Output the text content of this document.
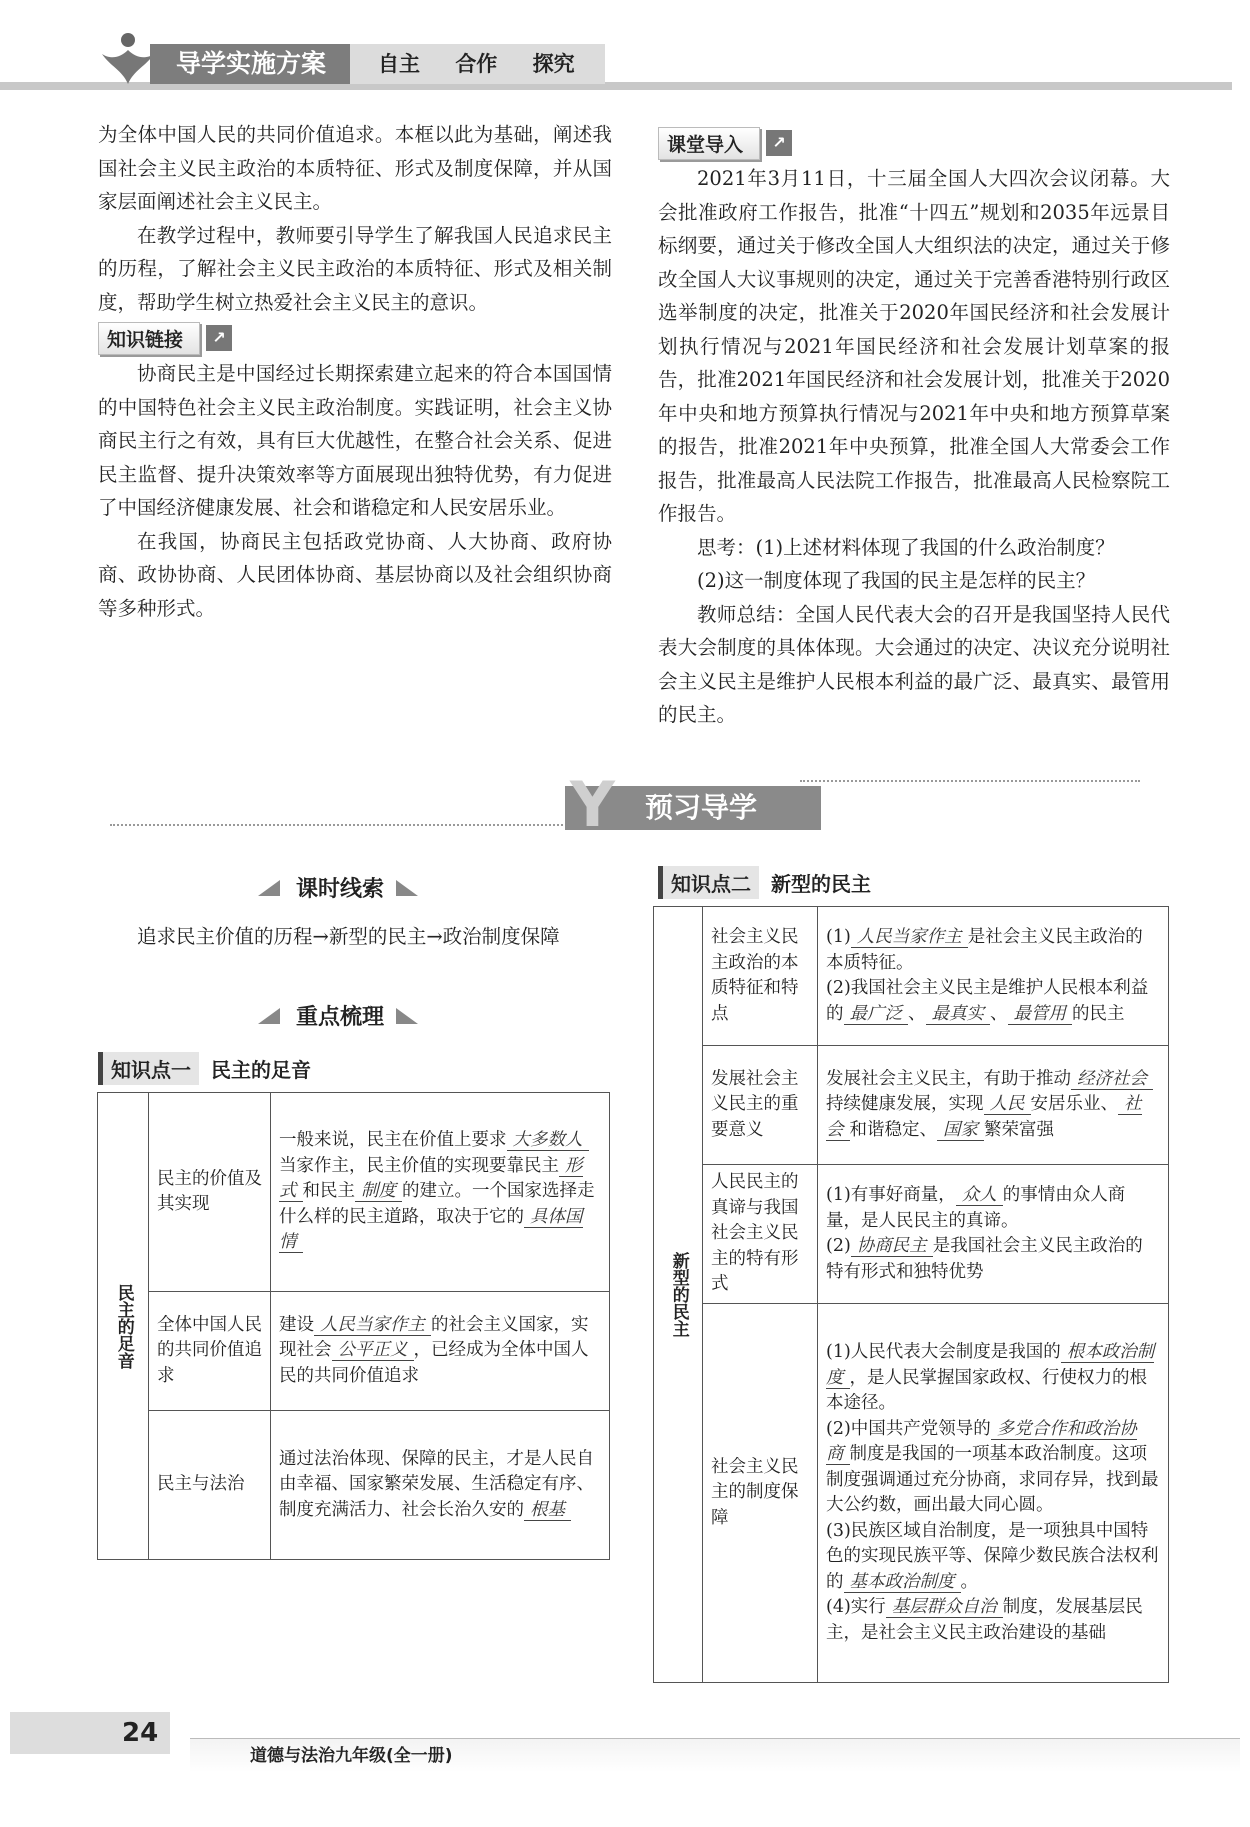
导学实施方案	自主 合作 探究

为全体中国人民的共同价值追求。本框以此为基础，阐述我国社会主义民主政治的本质特征、形式及制度保障，并从国家层面阐述社会主义民主。

在教学过程中，教师要引导学生了解我国人民追求民主的历程，了解社会主义民主政治的本质特征、形式及相关制度，帮助学生树立热爱社会主义民主的意识。

知识链接	↗

协商民主是中国经过长期探索建立起来的符合本国国情的中国特色社会主义民主政治制度。实践证明，社会主义协商民主行之有效，具有巨大优越性，在整合社会关系、促进民主监督、提升决策效率等方面展现出独特优势，有力促进了中国经济健康发展、社会和谐稳定和人民安居乐业。

在我国，协商民主包括政党协商、人大协商、政府协商、政协协商、人民团体协商、基层协商以及社会组织协商等多种形式。

课堂导入	↗

2021年3月11日，十三届全国人大四次会议闭幕。大会批准政府工作报告，批准“十四五”规划和2035年远景目标纲要，通过关于修改全国人大组织法的决定，通过关于修改全国人大议事规则的决定，通过关于完善香港特别行政区选举制度的决定，批准关于2020年国民经济和社会发展计划执行情况与2021年国民经济和社会发展计划草案的报告，批准2021年国民经济和社会发展计划，批准关于2020年中央和地方预算执行情况与2021年中央和地方预算草案的报告，批准2021年中央预算，批准全国人大常委会工作报告，批准最高人民法院工作报告，批准最高人民检察院工作报告。

思考：(1)上述材料体现了我国的什么政治制度？

(2)这一制度体现了我国的民主是怎样的民主？

教师总结：全国人民代表大会的召开是我国坚持人民代表大会制度的具体体现。大会通过的决定、决议充分说明社会主义民主是维护人民根本利益的最广泛、最真实、最管用的民主。

预习导学
Y
课时线索

追求民主价值的历程→新型的民主→政治制度保障

重点梳理
知识点一	民主的足音
民主的足音	民主的价值及其实现	一般来说，民主在价值上要求 大多数人当家作主，民主价值的实现要靠民主 形式 和民主 制度 的建立。一个国家选择走什么样的民主道路，取决于它的 具体国情
	全体中国人民的共同价值追求	建设 人民当家作主 的社会主义国家，实现社会 公平正义 ，已经成为全体中国人民的共同价值追求
	民主与法治	通过法治体现、保障的民主，才是人民自由幸福、国家繁荣发展、生活稳定有序、制度充满活力、社会长治久安的 根基
知识点二	新型的民主
新型的民主	社会主义民主政治的本质特征和特点	(1) 人民当家作主 是社会主义民主政治的本质特征。
(2)我国社会主义民主是维护人民根本利益的 最广泛 、 最真实 、 最管用 的民主
	发展社会主义民主的重要意义	发展社会主义民主，有助于推动 经济社会持续健康发展，实现 人民 安居乐业、 社会 和谐稳定、 国家 繁荣富强
	人民民主的真谛与我国社会主义民主的特有形式	(1)有事好商量， 众人 的事情由众人商量，是人民民主的真谛。
(2) 协商民主 是我国社会主义民主政治的特有形式和独特优势
	社会主义民主的制度保障	(1)人民代表大会制度是我国的 根本政治制度 ，是人民掌握国家政权、行使权力的根本途径。
(2)中国共产党领导的 多党合作和政治协商 制度是我国的一项基本政治制度。这项制度强调通过充分协商，求同存异，找到最大公约数，画出最大同心圆。
(3)民族区域自治制度，是一项独具中国特色的实现民族平等、保障少数民族合法权利的 基本政治制度 。
(4)实行 基层群众自治 制度，发展基层民主，是社会主义民主政治建设的基础
24
道德与法治九年级(全一册)
